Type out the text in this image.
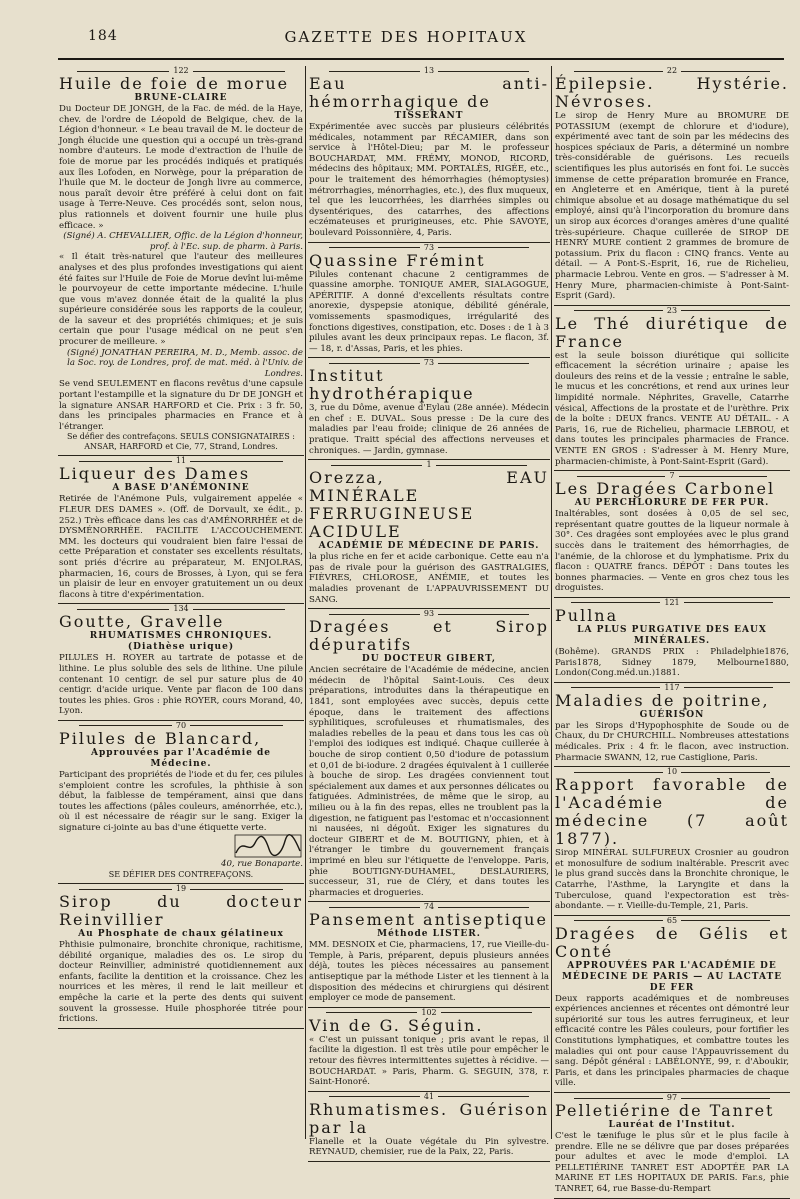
184	GAZETTE DES HOPITAUX
122
Huile de foie de morue
BRUNE-CLAIRE

Du Docteur DE JONGH, de la Fac. de méd. de la Haye, chev. de l'ordre de Léopold de Belgique, chev. de la Légion d'honneur. « Le beau travail de M. le docteur de Jongh élucide une question qui a occupé un très-grand nombre d'auteurs. Le mode d'extraction de l'huile de foie de morue par les procédés indiqués et pratiqués aux îles Lofoden, en Norwège, pour la préparation de l'huile que M. le docteur de Jongh livre au commerce, nous paraît devoir être préféré à celui dont on fait usage à Terre-Neuve. Ces procédés sont, selon nous, plus rationnels et doivent fournir une huile plus efficace. »

(Signé) A. CHEVALLIER, Offic. de la Légion d'honneur, prof. à l'Ec. sup. de pharm. à Paris.

« Il était très-naturel que l'auteur des meilleures analyses et des plus profondes investigations qui aient été faites sur l'Huile de Foie de Morue devînt lui-même le pourvoyeur de cette importante médecine. L'huile que vous m'avez donnée était de la qualité la plus supérieure considérée sous les rapports de la couleur, de la saveur et des propriétés chimiques; et je suis certain que pour l'usage médical on ne peut s'en procurer de meilleure. »

(Signé) JONATHAN PEREIRA, M. D., Memb. assoc. de la Soc. roy. de Londres, prof. de mat. méd. à l'Univ. de Londres.

Se vend SEULEMENT en flacons revêtus d'une capsule portant l'estampille et la signature du Dr DE JONGH et la signature ANSAR HARFORD et Cie. Prix : 3 fr. 50, dans les principales pharmacies en France et à l'étranger.

Se défier des contrefaçons. SEULS CONSIGNATAIRES : ANSAR, HARFORD et Cie, 77, Strand, Londres.
11
Liqueur des Dames
A BASE D'ANÉMONINE

Retirée de l'Anémone Puls, vulgairement appelée « FLEUR DES DAMES ». (Off. de Dorvault, xe édit., p. 252.) Très efficace dans les cas d'AMÉNORRHÉE et de DYSMÉNORRHÉE. FACILITE L'ACCOUCHEMENT. MM. les docteurs qui voudraient bien faire l'essai de cette Préparation et constater ses excellents résultats, sont priés d'écrire au préparateur, M. ENJOLRAS, pharmacien, 16, cours de Brosses, à Lyon, qui se fera un plaisir de leur en envoyer gratuitement un ou deux flacons à titre d'expérimentation.

134
Goutte, Gravelle
RHUMATISMES CHRONIQUES. (Diathèse urique)

PILULES H. ROYER au tartrate de potasse et de lithine. Le plus soluble des sels de lithine. Une pilule contenant 10 centigr. de sel pur sature plus de 40 centigr. d'acide urique. Vente par flacon de 100 dans toutes les phies. Gros : phie ROYER, cours Morand, 40, Lyon.

70
Pilules de Blancard,
Approuvées par l'Académie de Médecine.

Participant des propriétés de l'iode et du fer, ces pilules s'emploient contre les scrofules, la phthisie à son début, la faiblesse de tempérament, ainsi que dans toutes les affections (pâles couleurs, aménorrhée, etc.), où il est nécessaire de réagir sur le sang. Exiger la signature ci-jointe au bas d'une étiquette verte.

40, rue Bonaparte.
SE DÉFIER DES CONTREFAÇONS.
19
Sirop du docteur Reinvillier
Au Phosphate de chaux gélatineux

Phthisie pulmonaire, bronchite chronique, rachitisme, débilité organique, maladies des os. Le sirop du docteur Reinvillier, administré quotidiennement aux enfants, facilite la dentition et la croissance. Chez les nourrices et les mères, il rend le lait meilleur et empêche la carie et la perte des dents qui suivent souvent la grossesse. Huile phosphorée titrée pour frictions.

13
Eau anti-hémorrhagique de
TISSERANT

Expérimentée avec succès par plusieurs célébrités médicales, notamment par RÉCAMIER, dans son service à l'Hôtel-Dieu; par M. le professeur BOUCHARDAT, MM. FRÉMY, MONOD, RICORD, médecins des hôpitaux; MM. PORTALÈS, RIGÉE, etc., pour le traitement des hémorrhagies (hémoptysies) métrorrhagies, ménorrhagies, etc.), des flux muqueux, tel que les leucorrhées, les diarrhées simples ou dysentériques, des catarrhes, des affections eczémateuses et prurigineuses, etc. Phie SAVOYE, boulevard Poissonnière, 4, Paris.

73
Quassine Frémint

Pilules contenant chacune 2 centigrammes de quassine amorphe. TONIQUE AMER, SIALAGOGUE, APÉRITIF. A donné d'excellents résultats contre anorexie, dyspepsie atonique, débilité générale, vomissements spasmodiques, irrégularité des fonctions digestives, constipation, etc. Doses : de 1 à 3 pilules avant les deux principaux repas. Le flacon, 3f. — 18, r. d'Assas, Paris, et les phies.

73
Institut hydrothérapique

3, rue du Dôme, avenue d'Eylau (28e année). Médecin en chef : E. DUVAL. Sous presse : De la cure des maladies par l'eau froide; clinique de 26 années de pratique. Traitt spécial des affections nerveuses et chroniques. — Jardin, gymnase.

1
Orezza, EAU MINÉRALE FERRUGINEUSE ACIDULE
ACADÉMIE DE MÉDECINE DE PARIS.

la plus riche en fer et acide carbonique. Cette eau n'a pas de rivale pour la guérison des GASTRALGIES, FIÈVRES, CHLOROSE, ANÉMIE, et toutes les maladies provenant de L'APPAUVRISSEMENT DU SANG.

93
Dragées et Sirop dépuratifs
DU DOCTEUR GIBERT,

Ancien secrétaire de l'Académie de médecine, ancien médecin de l'hôpital Saint-Louis. Ces deux préparations, introduites dans la thérapeutique en 1841, sont employées avec succès, depuis cette époque, dans le traitement des affections syphilitiques, scrofuleuses et rhumatismales, des maladies rebelles de la peau et dans tous les cas où l'emploi des iodiques est indiqué. Chaque cuillerée à bouche de sirop contient 0,50 d'iodure de potassium et 0,01 de bi-iodure. 2 dragées équivalent à 1 cuillerée à bouche de sirop. Les dragées conviennent tout spécialement aux dames et aux personnes délicates ou fatiguées. Administrées, de même que le sirop, au milieu ou à la fin des repas, elles ne troublent pas la digestion, ne fatiguent pas l'estomac et n'occasionnent ni nausées, ni dégoût. Exiger les signatures du docteur GIBERT et de M. BOUTIGNY, phien, et à l'étranger le timbre du gouvernement français imprimé en bleu sur l'étiquette de l'enveloppe. Paris, phie BOUTIGNY-DUHAMEL, DESLAURIERS, successeur, 31, rue de Cléry, et dans toutes les pharmacies et drogueries.

74
Pansement antiseptique
Méthode LISTER.

MM. DESNOIX et Cie, pharmaciens, 17, rue Vieille-du-Temple, à Paris, préparent, depuis plusieurs années déjà, toutes les pièces nécessaires au pansement antiseptique par la méthode Lister et les tiennent à la disposition des médecins et chirurgiens qui désirent employer ce mode de pansement.

102
Vin de G. Séguin.

« C'est un puissant tonique ; pris avant le repas, il facilite la digestion. Il est très utile pour empêcher le retour des fièvres intermittentes sujettes à récidive. — BOUCHARDAT. » Paris, Pharm. G. SEGUIN, 378, r. Saint-Honoré.

41
Rhumatismes. Guérison par la

Flanelle et la Ouate végétale du Pin sylvestre. REYNAUD, chemisier, rue de la Paix, 22, Paris.

22
Épilepsie. Hystérie. Névroses.

Le sirop de Henry Mure au BROMURE DE POTASSIUM (exempt de chlorure et d'iodure), expérimenté avec tant de soin par les médecins des hospices spéciaux de Paris, a déterminé un nombre très-considérable de guérisons. Les recueils scientifiques les plus autorisés en font foi. Le succès immense de cette préparation bromurée en France, en Angleterre et en Amérique, tient à la pureté chimique absolue et au dosage mathématique du sel employé, ainsi qu'à l'incorporation du bromure dans un sirop aux écorces d'oranges amères d'une qualité très-supérieure. Chaque cuillerée de SIROP DE HENRY MURE contient 2 grammes de bromure de potassium. Prix du flacon : CINQ francs. Vente au détail. — A Pont-S.-Esprit, 16, rue de Richelieu, pharmacie Lebrou. Vente en gros. — S'adresser à M. Henry Mure, pharmacien-chimiste à Pont-Saint-Esprit (Gard).

23
Le Thé diurétique de France

est la seule boisson diurétique qui sollicite efficacement la sécrétion urinaire ; apaise les douleurs des reins et de la vessie ; entraîne le sable, le mucus et les concrétions, et rend aux urines leur limpidité normale. Néphrites, Gravelle, Catarrhe vésical, Affections de la prostate et de l'urèthre. Prix de la boîte : DEUX francs. VENTE AU DÉTAIL. - A Paris, 16, rue de Richelieu, pharmacie LEBROU, et dans toutes les principales pharmacies de France. VENTE EN GROS : S'adresser à M. Henry Mure, pharmacien-chimiste, à Pont-Saint-Esprit (Gard).

7
Les Dragées Carbonel
AU PERCHLORURE DE FER PUR.

Inaltérables, sont dosées à 0,05 de sel sec, représentant quatre gouttes de la liqueur normale à 30°. Ces dragées sont employées avec le plus grand succès dans le traitement des hémorrhagies, de l'anémie, de la chlorose et du lymphatisme. Prix du flacon : QUATRE francs. DÉPÔT : Dans toutes les bonnes pharmacies. — Vente en gros chez tous les droguistes.

121
Pullna
LA PLUS PURGATIVE DES EAUX MINÉRALES.

(Bohême). GRANDS PRIX : Philadelphie1876, Paris1878, Sidney 1879, Melbourne1880, London(Cong.méd.un.)1881.

117
Maladies de poitrine,
GUÉRISON

par les Sirops d'Hypophosphite de Soude ou de Chaux, du Dr CHURCHILL. Nombreuses attestations médicales. Prix : 4 fr. le flacon, avec instruction. Pharmacie SWANN, 12, rue Castiglione, Paris.

10
Rapport favorable de l'Académie de médecine (7 août 1877).

Sirop MINÉRAL SULFUREUX Crosnier au goudron et monosulfure de sodium inaltérable. Prescrit avec le plus grand succès dans la Bronchite chronique, le Catarrhe, l'Asthme, la Laryngite et dans la Tuberculose, quand l'expectoration est très-abondante. — r. Vieille-du-Temple, 21, Paris.

65
Dragées de Gélis et Conté
APPROUVÉES PAR L'ACADÉMIE DE MÉDECINE DE PARIS — AU LACTATE DE FER

Deux rapports académiques et de nombreuses expériences anciennes et récentes ont démontré leur supériorité sur tous les autres ferrugineux, et leur efficacité contre les Pâles couleurs, pour fortifier les Constitutions lymphatiques, et combattre toutes les maladies qui ont pour cause l'Appauvrissement du sang. Dépôt général : LABÉLONYE, 99, r. d'Aboukir, Paris, et dans les principales pharmacies de chaque ville.

97
Pelletiérine de Tanret
Lauréat de l'Institut.

C'est le tænifuge le plus sûr et le plus facile à prendre. Elle ne se délivre que par doses préparées pour adultes et avec le mode d'emploi. LA PELLETIÉRINE TANRET EST ADOPTÉE PAR LA MARINE ET LES HOPITAUX DE PARIS. Far.s, phie TANRET, 64, rue Basse-du-Rempart
